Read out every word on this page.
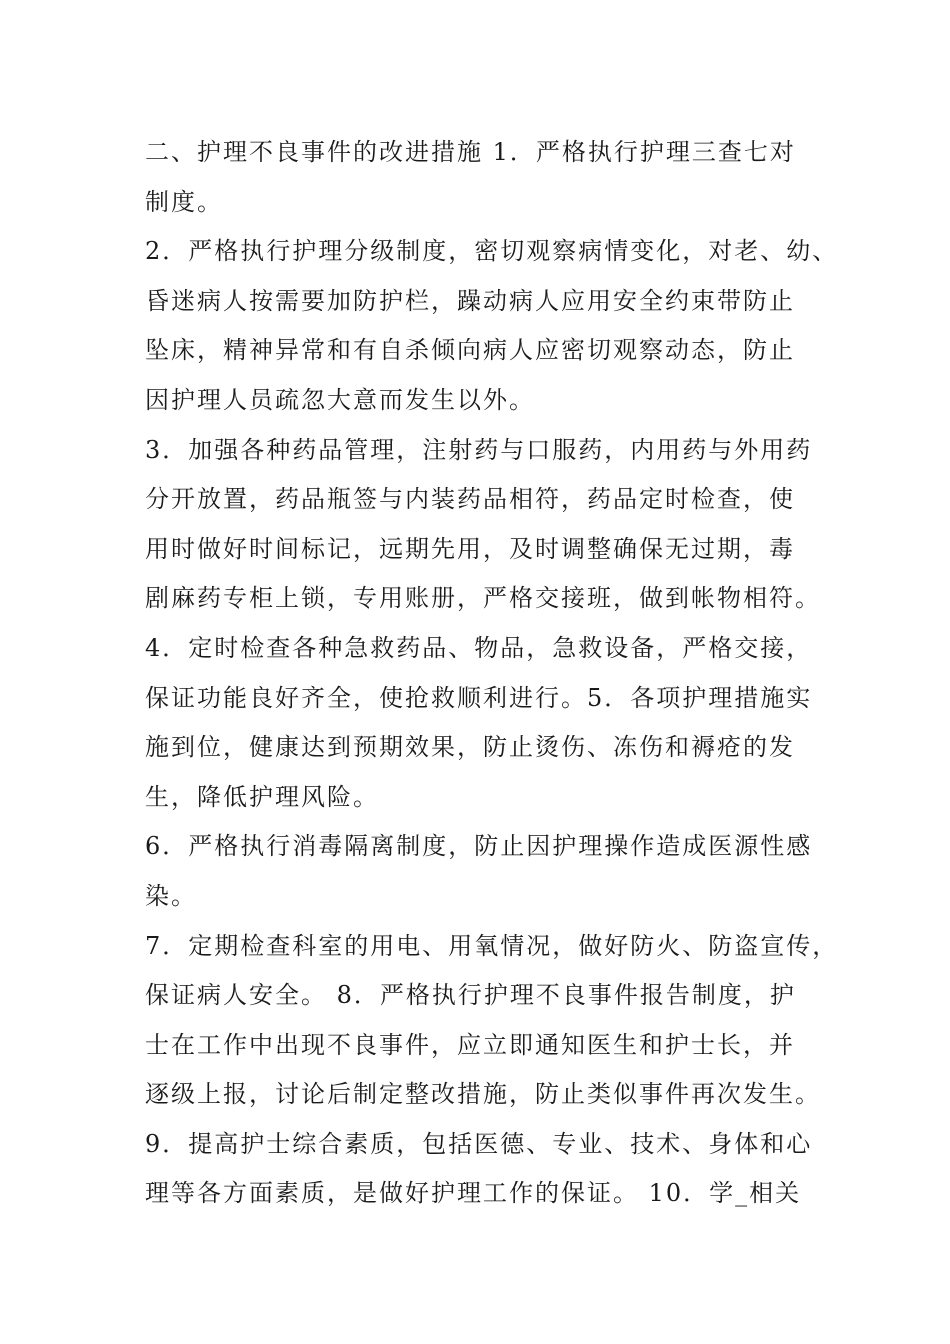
二、护理不良事件的改进措施 1．严格执行护理三查七对
制度。
2．严格执行护理分级制度，密切观察病情变化，对老、幼、
昏迷病人按需要加防护栏，躁动病人应用安全约束带防止
坠床，精神异常和有自杀倾向病人应密切观察动态，防止
因护理人员疏忽大意而发生以外。
3．加强各种药品管理，注射药与口服药，内用药与外用药
分开放置，药品瓶签与内装药品相符，药品定时检查，使
用时做好时间标记，远期先用，及时调整确保无过期，毒
剧麻药专柜上锁，专用账册，严格交接班，做到帐物相符。
4．定时检查各种急救药品、物品，急救设备，严格交接，
保证功能良好齐全，使抢救顺利进行。5．各项护理措施实
施到位，健康达到预期效果，防止烫伤、冻伤和褥疮的发
生，降低护理风险。
6．严格执行消毒隔离制度，防止因护理操作造成医源性感
染。
7．定期检查科室的用电、用氧情况，做好防火、防盗宣传，
保证病人安全。 8．严格执行护理不良事件报告制度，护
士在工作中出现不良事件，应立即通知医生和护士长，并
逐级上报，讨论后制定整改措施，防止类似事件再次发生。
9．提高护士综合素质，包括医德、专业、技术、身体和心
理等各方面素质，是做好护理工作的保证。 10．学_相关
